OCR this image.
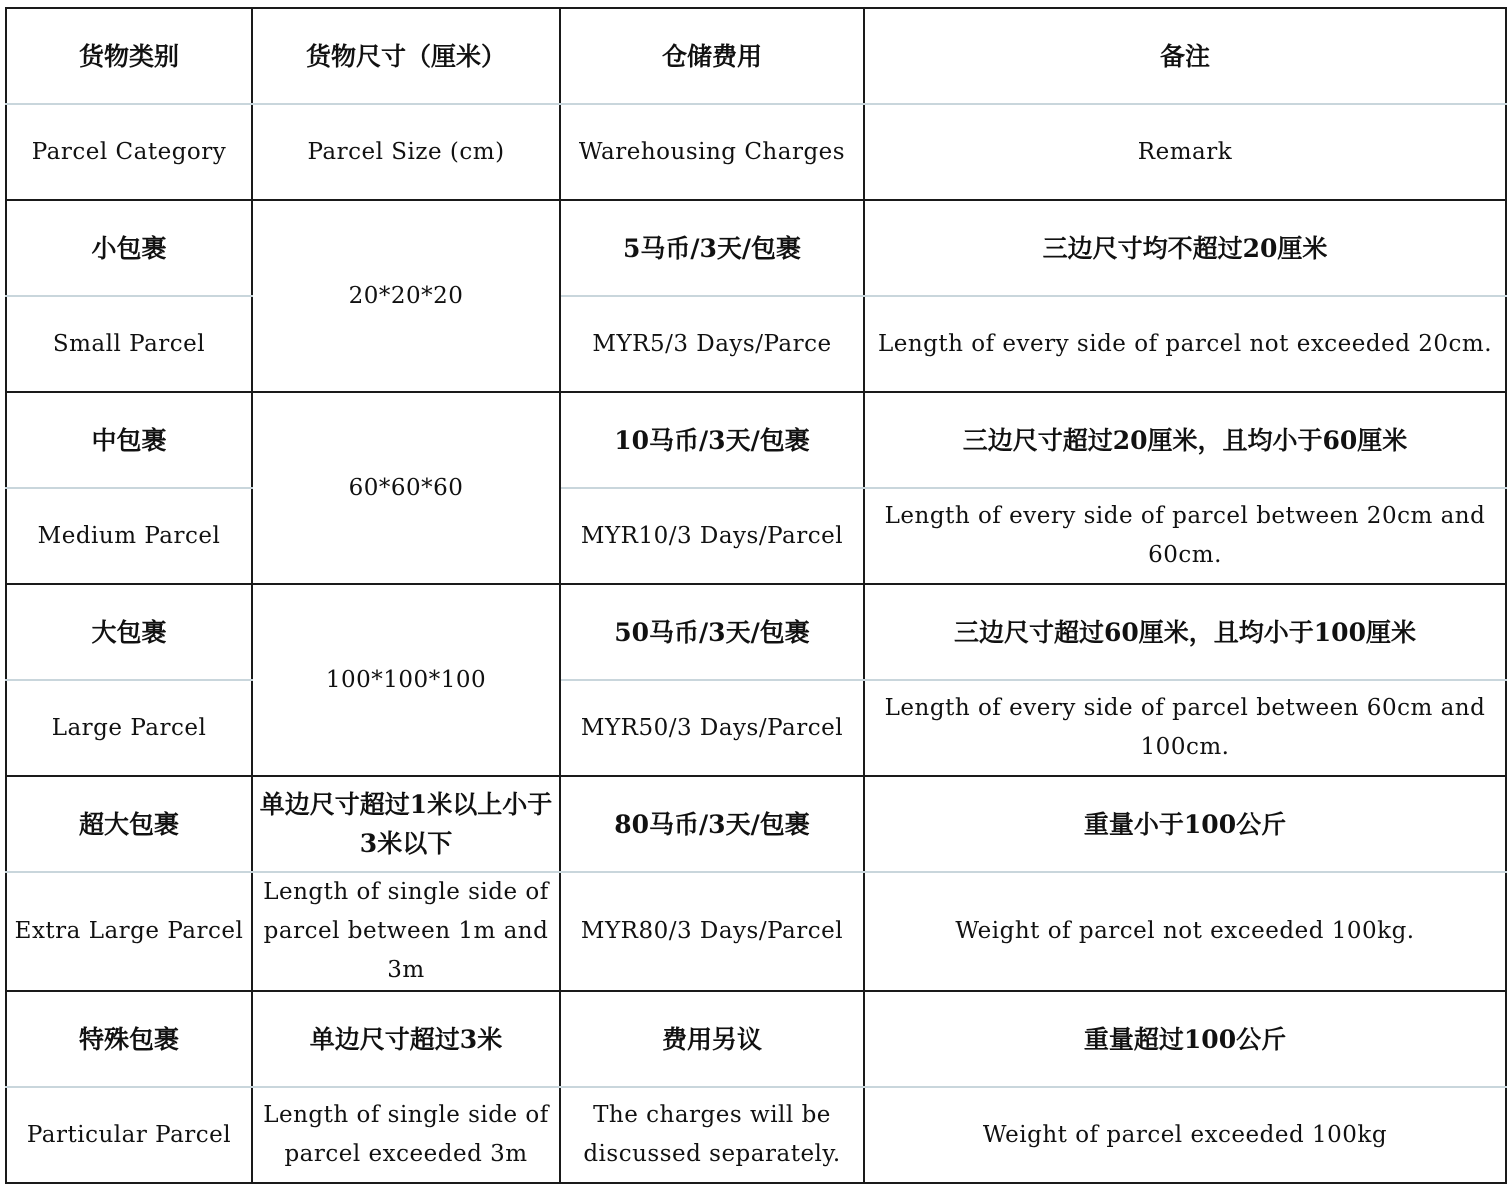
货物类别	货物尺寸（厘米）	仓储费用	备注
Parcel Category	Parcel Size (cm)	Warehousing Charges	Remark
小包裹	20*20*20	5马币/3天/包裹	三边尺寸均不超过20厘米
Small Parcel		MYR5/3 Days/Parce	Length of every side of parcel not exceeded 20cm.
中包裹	60*60*60	10马币/3天/包裹	三边尺寸超过20厘米，且均小于60厘米
Medium Parcel		MYR10/3 Days/Parcel	Length of every side of parcel between 20cm and 60cm.
大包裹	100*100*100	50马币/3天/包裹	三边尺寸超过60厘米，且均小于100厘米
Large Parcel		MYR50/3 Days/Parcel	Length of every side of parcel between 60cm and 100cm.
超大包裹	单边尺寸超过1米以上小于3米以下	80马币/3天/包裹	重量小于100公斤
Extra Large Parcel	Length of single side of parcel between 1m and 3m	MYR80/3 Days/Parcel	Weight of parcel not exceeded 100kg.
特殊包裹	单边尺寸超过3米	费用另议	重量超过100公斤
Particular Parcel	Length of single side of parcel exceeded 3m	The charges will be discussed separately.	Weight of parcel exceeded 100kg
